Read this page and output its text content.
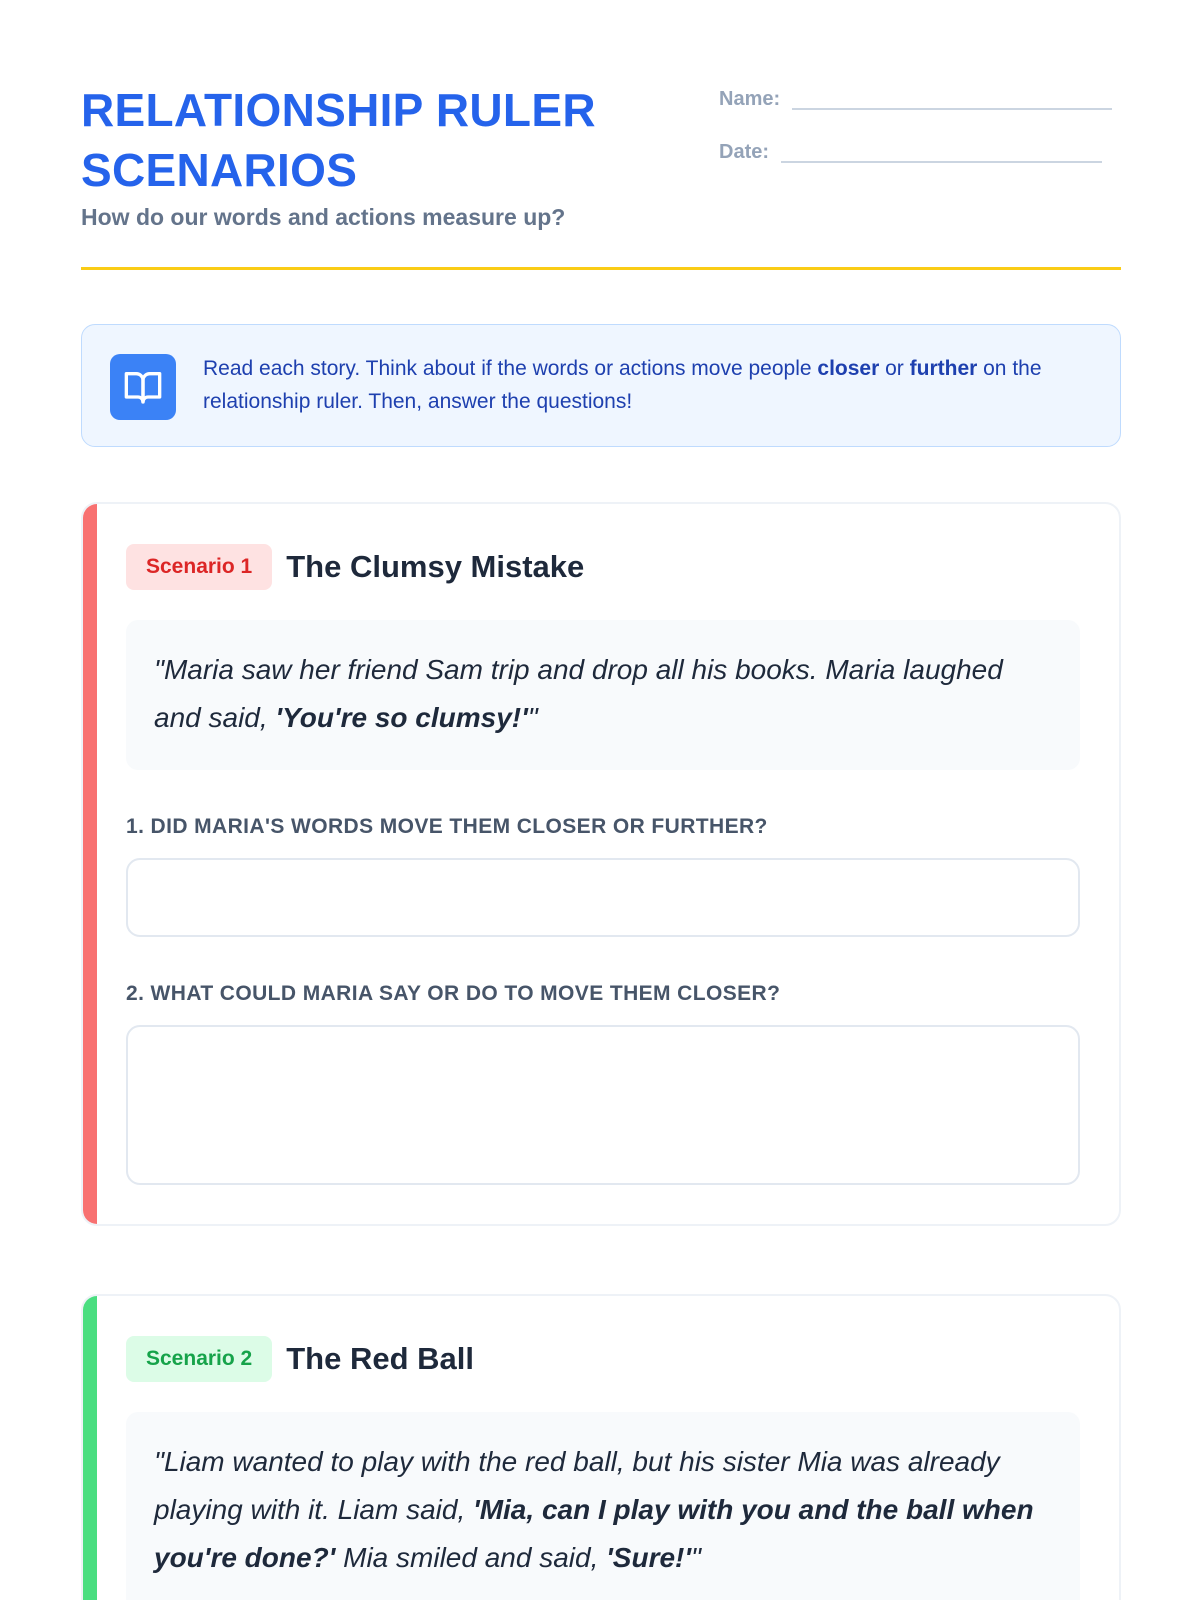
RELATIONSHIP RULER SCENARIOS
How do our words and actions measure up?
Name:
Date:
Read each story. Think about if the words or actions move people closer or further on the relationship ruler. Then, answer the questions!
Scenario 1	The Clumsy Mistake
"Maria saw her friend Sam trip and drop all his books. Maria laughed and said, 'You're so clumsy!'"
1. DID MARIA'S WORDS MOVE THEM CLOSER OR FURTHER?
2. WHAT COULD MARIA SAY OR DO TO MOVE THEM CLOSER?
Scenario 2	The Red Ball
"Liam wanted to play with the red ball, but his sister Mia was already playing with it. Liam said, 'Mia, can I play with you and the ball when you're done?' Mia smiled and said, 'Sure!'"
